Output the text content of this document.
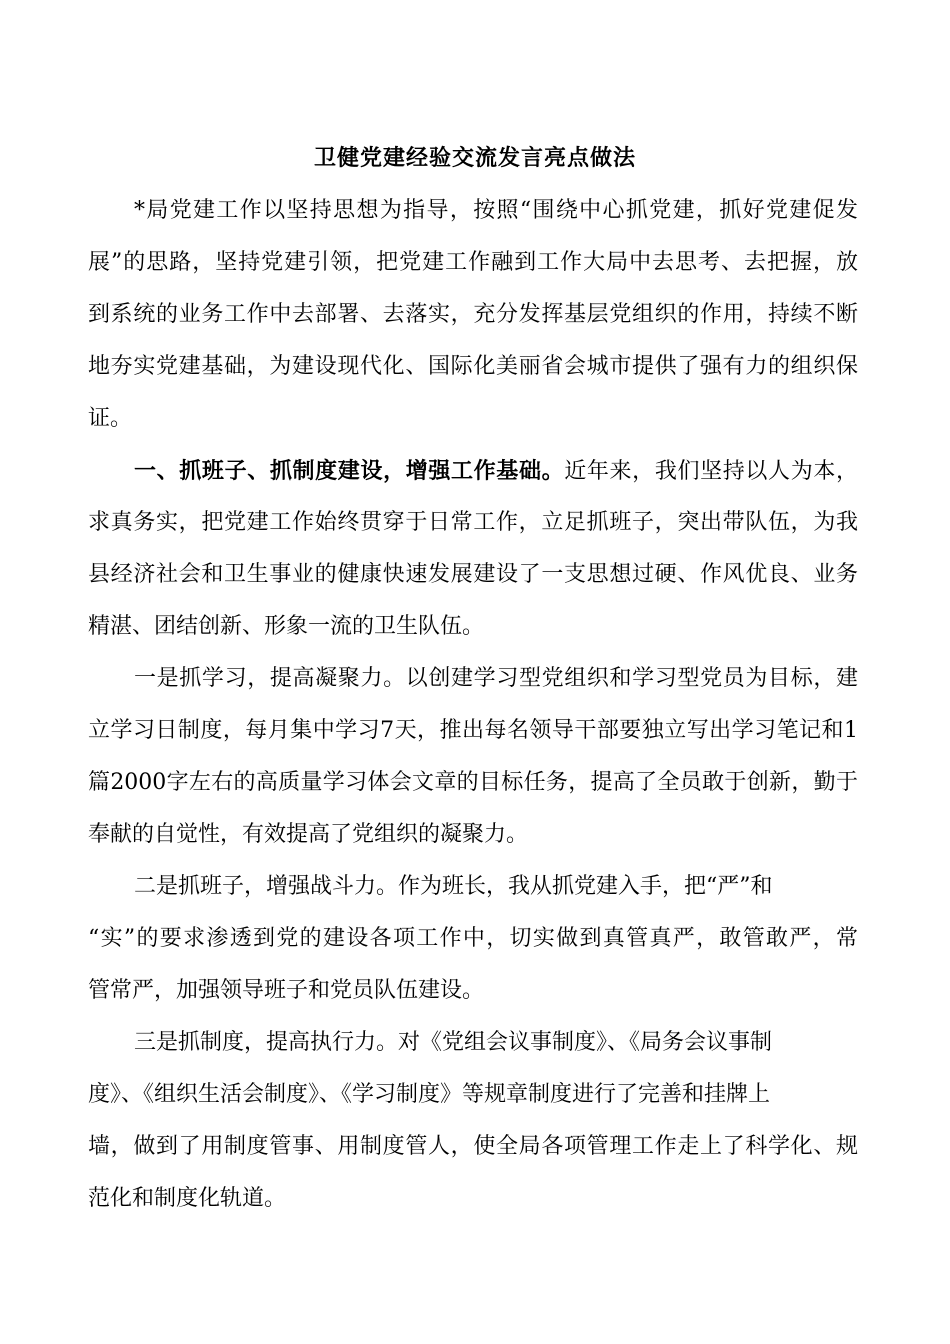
卫健党建经验交流发言亮点做法
*局党建工作以坚持思想为指导，按照“围绕中心抓党建，抓好党建促发
展”的思路，坚持党建引领，把党建工作融到工作大局中去思考、去把握，放
到系统的业务工作中去部署、去落实，充分发挥基层党组织的作用，持续不断
地夯实党建基础，为建设现代化、国际化美丽省会城市提供了强有力的组织保
证。
一、抓班子、抓制度建设，增强工作基础。近年来，我们坚持以人为本，
求真务实，把党建工作始终贯穿于日常工作，立足抓班子，突出带队伍，为我
县经济社会和卫生事业的健康快速发展建设了一支思想过硬、作风优良、业务
精湛、团结创新、形象一流的卫生队伍。
一是抓学习，提高凝聚力。以创建学习型党组织和学习型党员为目标，建
立学习日制度，每月集中学习7天，推出每名领导干部要独立写出学习笔记和1
篇2000字左右的高质量学习体会文章的目标任务，提高了全员敢于创新，勤于
奉献的自觉性，有效提高了党组织的凝聚力。
二是抓班子，增强战斗力。作为班长，我从抓党建入手，把“严”和
“实”的要求渗透到党的建设各项工作中，切实做到真管真严，敢管敢严，常
管常严，加强领导班子和党员队伍建设。
三是抓制度，提高执行力。对《党组会议事制度》、《局务会议事制
度》、《组织生活会制度》、《学习制度》等规章制度进行了完善和挂牌上
墙，做到了用制度管事、用制度管人，使全局各项管理工作走上了科学化、规
范化和制度化轨道。
